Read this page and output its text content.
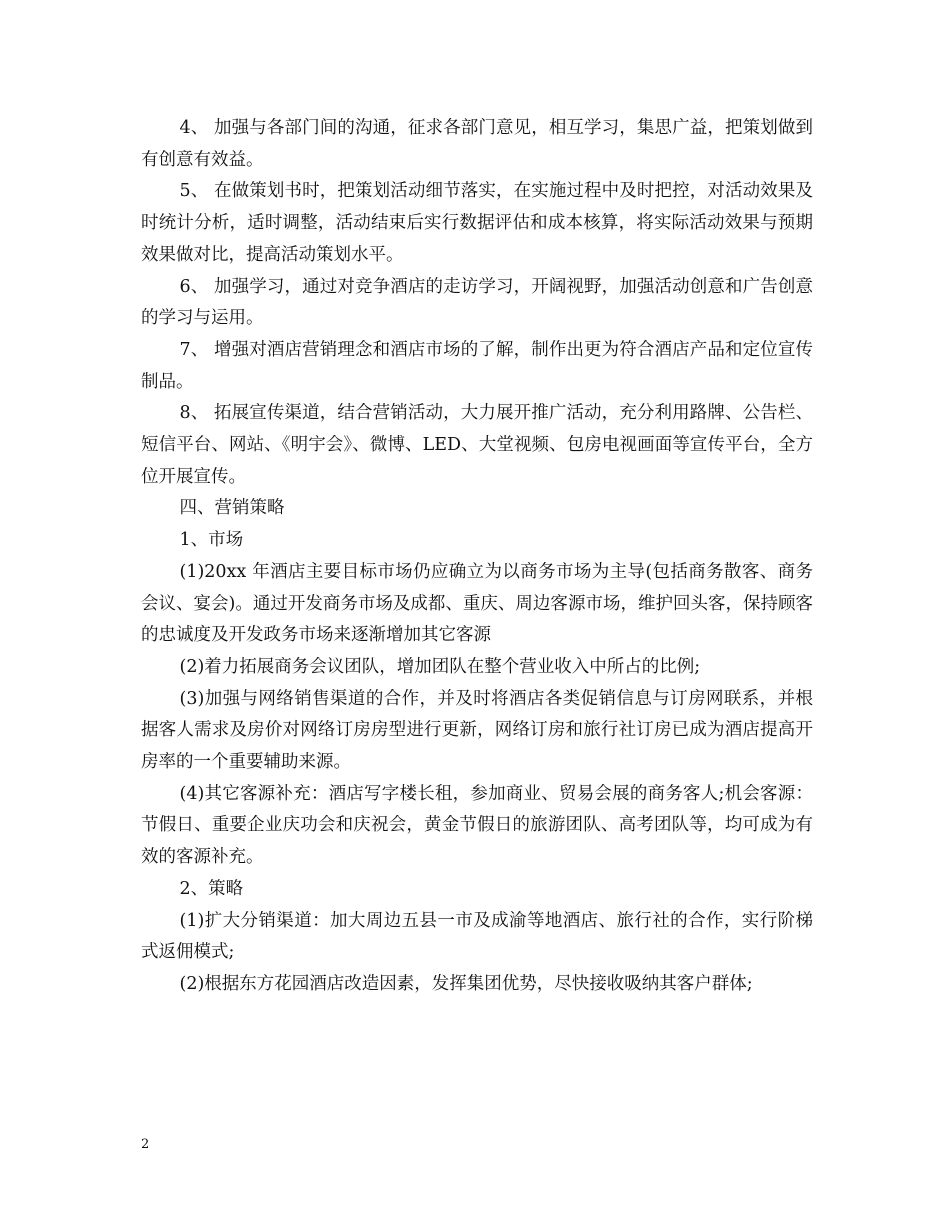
4、 加强与各部门间的沟通，征求各部门意见，相互学习，集思广益，把策划做到有创意有效益。

5、 在做策划书时，把策划活动细节落实，在实施过程中及时把控，对活动效果及时统计分析，适时调整，活动结束后实行数据评估和成本核算，将实际活动效果与预期效果做对比，提高活动策划水平。

6、 加强学习，通过对竞争酒店的走访学习，开阔视野，加强活动创意和广告创意的学习与运用。

7、 增强对酒店营销理念和酒店市场的了解，制作出更为符合酒店产品和定位宣传制品。

8、 拓展宣传渠道，结合营销活动，大力展开推广活动，充分利用路牌、公告栏、短信平台、网站、《明宇会》、微博、LED、大堂视频、包房电视画面等宣传平台，全方位开展宣传。

四、营销策略

1、市场

(1)20xx 年酒店主要目标市场仍应确立为以商务市场为主导(包括商务散客、商务会议、宴会)。通过开发商务市场及成都、重庆、周边客源市场，维护回头客，保持顾客的忠诚度及开发政务市场来逐渐增加其它客源

(2)着力拓展商务会议团队，增加团队在整个营业收入中所占的比例;

(3)加强与网络销售渠道的合作，并及时将酒店各类促销信息与订房网联系，并根据客人需求及房价对网络订房房型进行更新，网络订房和旅行社订房已成为酒店提高开房率的一个重要辅助来源。

(4)其它客源补充：酒店写字楼长租，参加商业、贸易会展的商务客人;机会客源：节假日、重要企业庆功会和庆祝会，黄金节假日的旅游团队、高考团队等，均可成为有效的客源补充。

2、策略

(1)扩大分销渠道：加大周边五县一市及成渝等地酒店、旅行社的合作，实行阶梯式返佣模式;

(2)根据东方花园酒店改造因素，发挥集团优势，尽快接收吸纳其客户群体;

2
